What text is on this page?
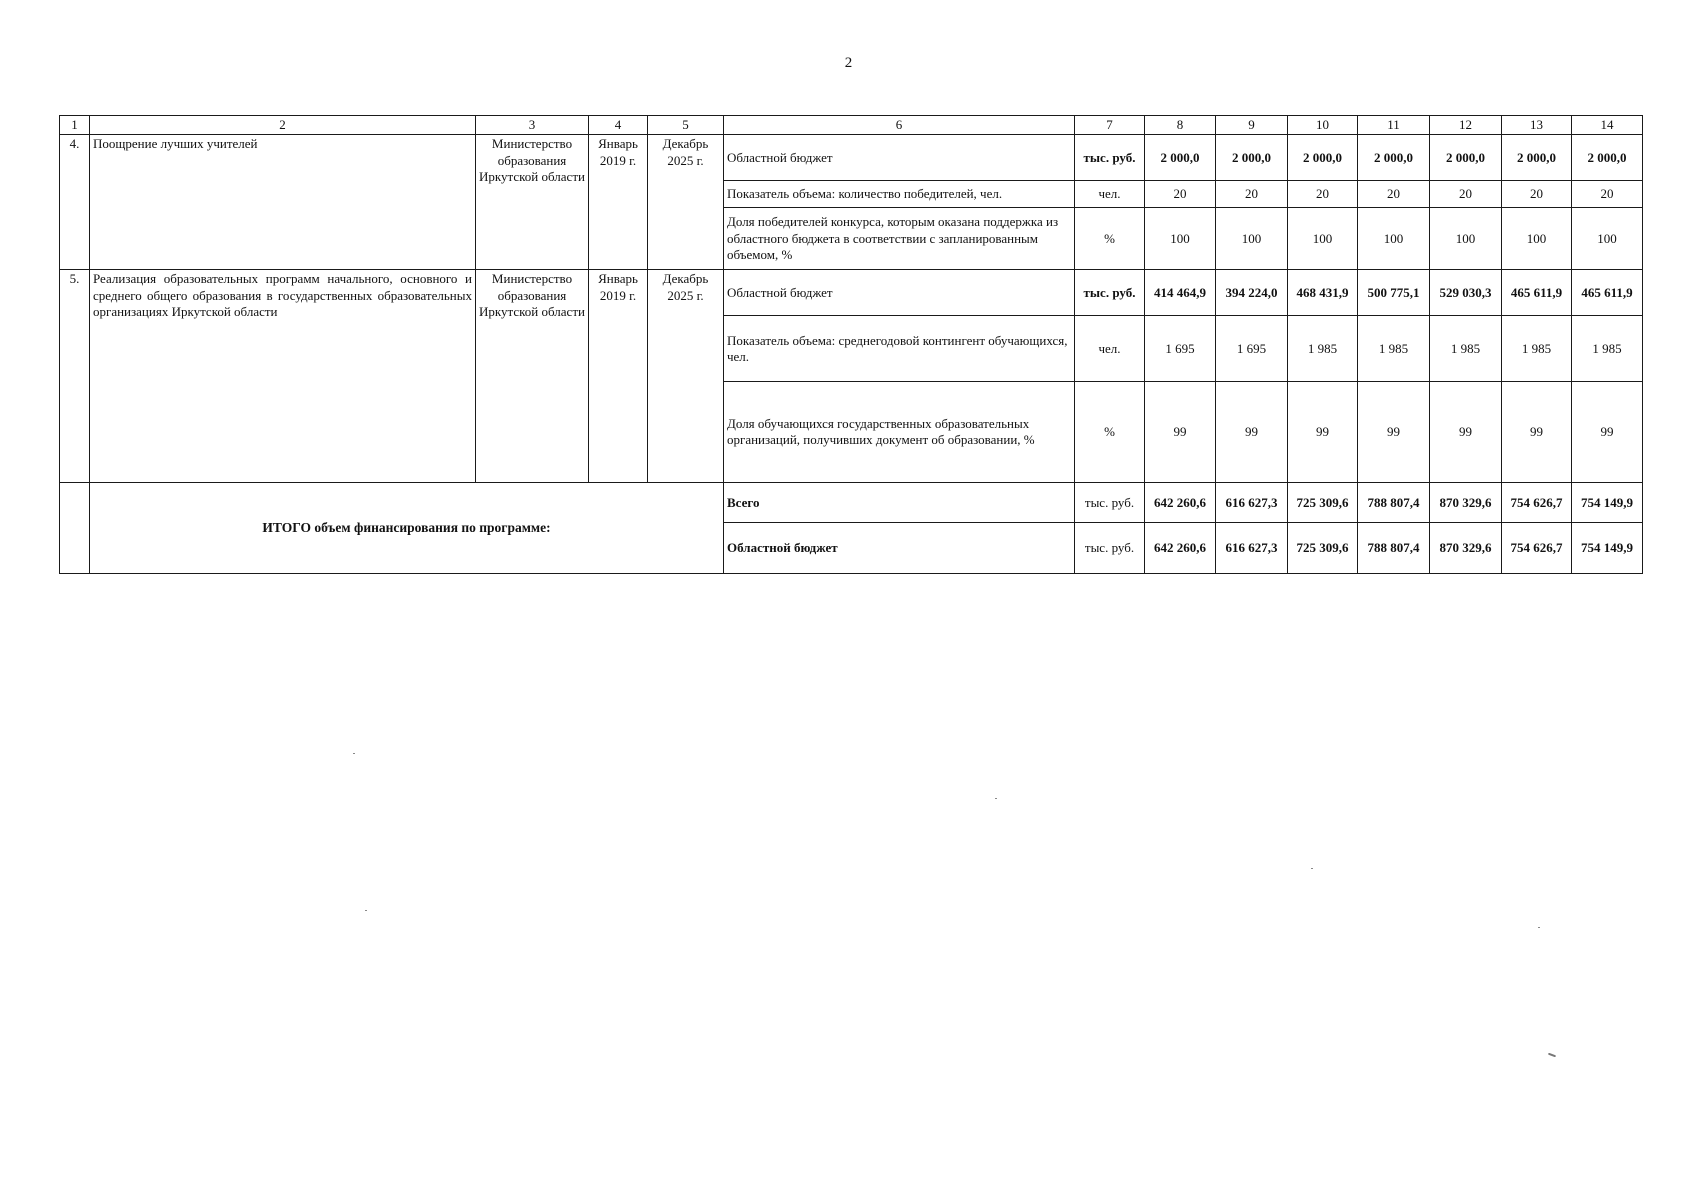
2
1	2	3	4	5	6	7	8	9	10	11	12	13	14
4.	Поощрение лучших учителей	Министерство образования Иркутской области	Январь 2019 г.	Декабрь 2025 г.	Областной бюджет	тыс. руб.	2 000,0	2 000,0	2 000,0	2 000,0	2 000,0	2 000,0	2 000,0
					Показатель объема: количество победителей, чел.	чел.	20	20	20	20	20	20	20
					Доля победителей конкурса, которым оказана поддержка из областного бюджета в соответствии с запланированным объемом, %	%	100	100	100	100	100	100	100
5.	Реализация образовательных программ начального, основного и среднего общего образования в государственных образовательных организациях Иркутской области	Министерство образования Иркутской области	Январь 2019 г.	Декабрь 2025 г.	Областной бюджет	тыс. руб.	414 464,9	394 224,0	468 431,9	500 775,1	529 030,3	465 611,9	465 611,9
					Показатель объема: среднегодовой контингент обучающихся, чел.	чел.	1 695	1 695	1 985	1 985	1 985	1 985	1 985
					Доля обучающихся государственных образовательных организаций, получивших документ об образовании, %	%	99	99	99	99	99	99	99
	ИТОГО объем финансирования по программе:				Всего	тыс. руб.	642 260,6	616 627,3	725 309,6	788 807,4	870 329,6	754 626,7	754 149,9
					Областной бюджет	тыс. руб.	642 260,6	616 627,3	725 309,6	788 807,4	870 329,6	754 626,7	754 149,9
